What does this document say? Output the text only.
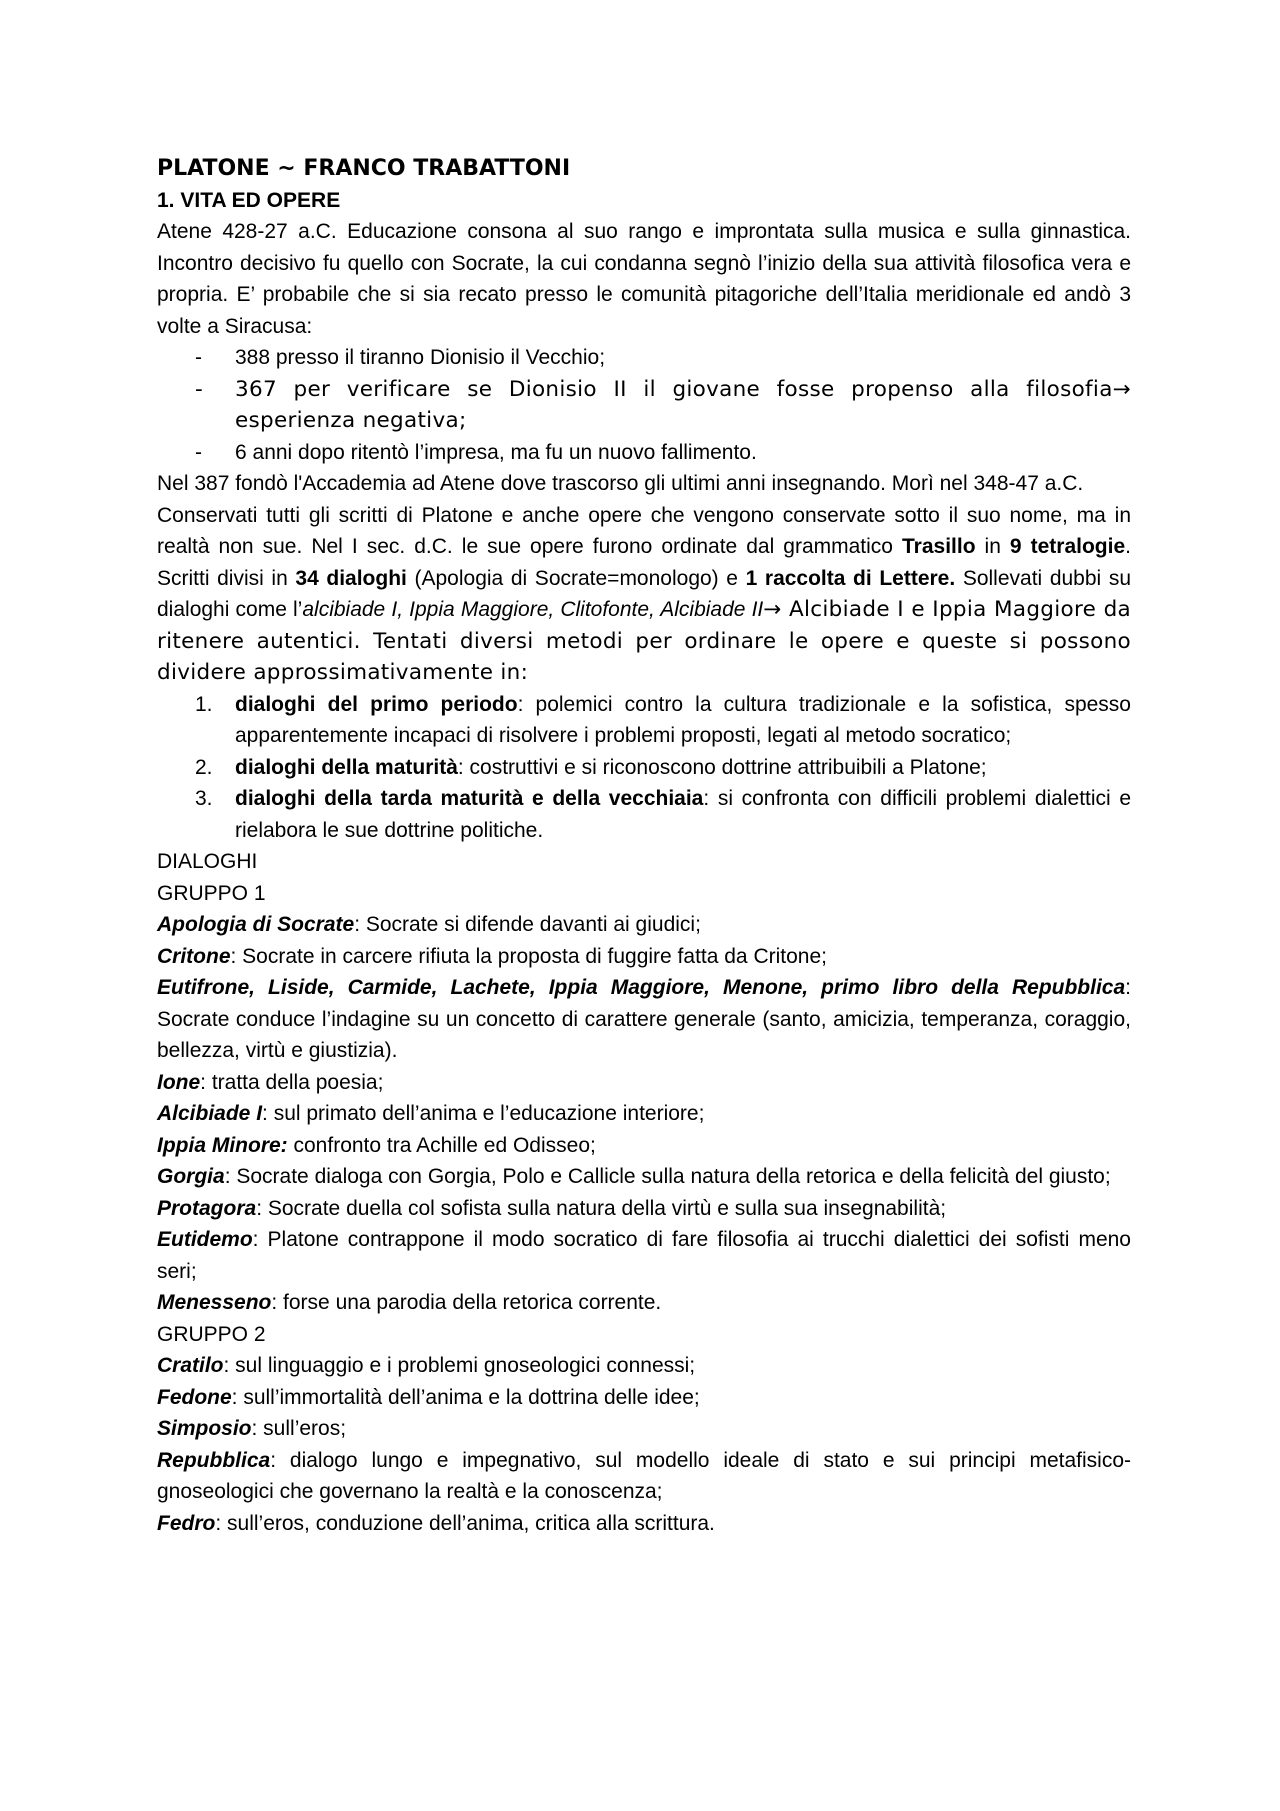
PLATONE ~ FRANCO TRABATTONI

1. VITA ED OPERE

Atene 428-27 a.C. Educazione consona al suo rango e improntata sulla musica e sulla ginnastica. Incontro decisivo fu quello con Socrate, la cui condanna segnò l’inizio della sua attività filosofica vera e propria. E’ probabile che si sia recato presso le comunità pitagoriche dell’Italia meridionale ed andò 3 volte a Siracusa:

- 388 presso il tiranno Dionisio il Vecchio;
- 367 per verificare se Dionisio II il giovane fosse propenso alla filosofia→ esperienza negativa;
- 6 anni dopo ritentò l’impresa, ma fu un nuovo fallimento.

Nel 387 fondò l'Accademia ad Atene dove trascorso gli ultimi anni insegnando. Morì nel 348-47 a.C.

Conservati tutti gli scritti di Platone e anche opere che vengono conservate sotto il suo nome, ma in realtà non sue. Nel I sec. d.C. le sue opere furono ordinate dal grammatico Trasillo in 9 tetralogie. Scritti divisi in 34 dialoghi (Apologia di Socrate=monologo) e 1 raccolta di Lettere. Sollevati dubbi su dialoghi come l’alcibiade I, Ippia Maggiore, Clitofonte, Alcibiade II→ Alcibiade I e Ippia Maggiore da ritenere autentici. Tentati diversi metodi per ordinare le opere e queste si possono dividere approssimativamente in:

1. dialoghi del primo periodo: polemici contro la cultura tradizionale e la sofistica, spesso apparentemente incapaci di risolvere i problemi proposti, legati al metodo socratico;
2. dialoghi della maturità: costruttivi e si riconoscono dottrine attribuibili a Platone;
3. dialoghi della tarda maturità e della vecchiaia: si confronta con difficili problemi dialettici e rielabora le sue dottrine politiche.

DIALOGHI

GRUPPO 1

Apologia di Socrate: Socrate si difende davanti ai giudici;

Critone: Socrate in carcere rifiuta la proposta di fuggire fatta da Critone;

Eutifrone, Liside, Carmide, Lachete, Ippia Maggiore, Menone, primo libro della Repubblica: Socrate conduce l’indagine su un concetto di carattere generale (santo, amicizia, temperanza, coraggio, bellezza, virtù e giustizia).

Ione: tratta della poesia;

Alcibiade I: sul primato dell’anima e l’educazione interiore;

Ippia Minore: confronto tra Achille ed Odisseo;

Gorgia: Socrate dialoga con Gorgia, Polo e Callicle sulla natura della retorica e della felicità del giusto;

Protagora: Socrate duella col sofista sulla natura della virtù e sulla sua insegnabilità;

Eutidemo: Platone contrappone il modo socratico di fare filosofia ai trucchi dialettici dei sofisti meno seri;

Menesseno: forse una parodia della retorica corrente.

GRUPPO 2

Cratilo: sul linguaggio e i problemi gnoseologici connessi;

Fedone: sull’immortalità dell’anima e la dottrina delle idee;

Simposio: sull’eros;

Repubblica: dialogo lungo e impegnativo, sul modello ideale di stato e sui principi metafisico-gnoseologici che governano la realtà e la conoscenza;

Fedro: sull’eros, conduzione dell’anima, critica alla scrittura.
